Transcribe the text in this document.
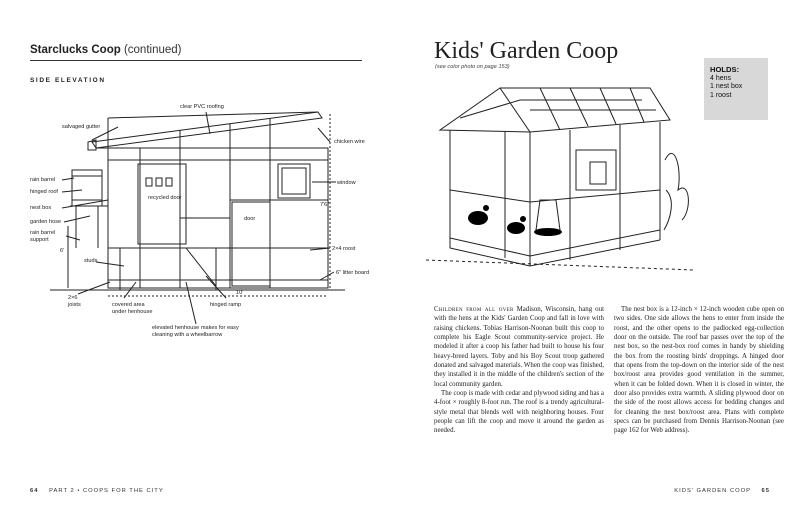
Starclucks Coop (continued)
SIDE ELEVATION
clear PVC roofing
salvaged gutter
chicken wire
rain barrel
hinged roof
nest box
garden hose
rain barrel
support
recycled door
window
door
7'6"
6'	2×4 roost
studs
6" litter board
2×6
joists	covered area
under henhouse
10'
hinged ramp
elevated henhouse makes for easy
cleaning with a wheelbarrow
64 PART 2 • COOPS FOR THE CITY
Kids' Garden Coop
(see color photo on page 153)	HOLDS:
4 hens
1 nest box
1 roost

Children from all over Madison, Wisconsin, hang out with the hens at the Kids' Garden Coop and fall in love with raising chickens. Tobias Harrison-Noonan built this coop to complete his Eagle Scout community-service project. He modeled it after a coop his father had built to house his four heavy-breed layers. Toby and his Boy Scout troop gathered donated and salvaged materials. When the coop was finished, they installed it in the middle of the children's section of the local community garden.

The coop is made with cedar and plywood siding and has a 4-foot × roughly 8-foot run. The roof is a trendy agricultural-style metal that blends well with neighboring houses. Four people can lift the coop and move it around the garden as needed.

The nest box is a 12-inch × 12-inch wooden cube open on two sides. One side allows the hens to enter from inside the roost, and the other opens to the padlocked egg-collection door on the outside. The roof bar passes over the top of the nest box, so the nest-box roof comes in handy by shielding the box from the roosting birds' droppings. A hinged door that opens from the top-down on the interior side of the nest box/roost area provides good ventilation in the summer, when it can be folded down. When it is closed in winter, the door also provides extra warmth. A sliding plywood door on the side of the roost allows access for bedding changes and for cleaning the nest box/roost area. Plans with complete specs can be purchased from Dennis Harrison-Noonan (see page 162 for Web address).

KIDS' GARDEN COOP 65
